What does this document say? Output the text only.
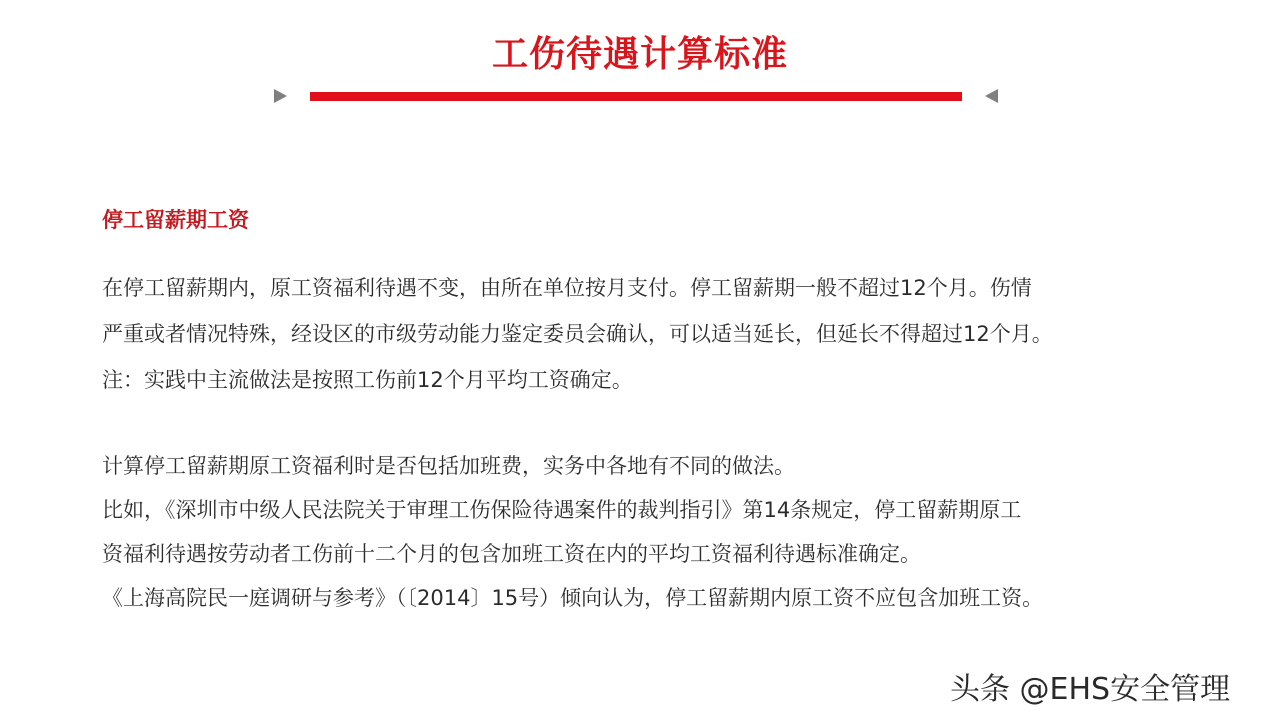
工伤待遇计算标准
停工留薪期工资
在停工留薪期内，原工资福利待遇不变，由所在单位按月支付。停工留薪期一般不超过12个月。伤情
严重或者情况特殊，经设区的市级劳动能力鉴定委员会确认，可以适当延长，但延长不得超过12个月。
注：实践中主流做法是按照工伤前12个月平均工资确定。
计算停工留薪期原工资福利时是否包括加班费，实务中各地有不同的做法。
比如，《深圳市中级人民法院关于审理工伤保险待遇案件的裁判指引》第14条规定，停工留薪期原工
资福利待遇按劳动者工伤前十二个月的包含加班工资在内的平均工资福利待遇标准确定。
《上海高院民一庭调研与参考》（〔2014〕15号）倾向认为，停工留薪期内原工资不应包含加班工资。
头条 @EHS安全管理
